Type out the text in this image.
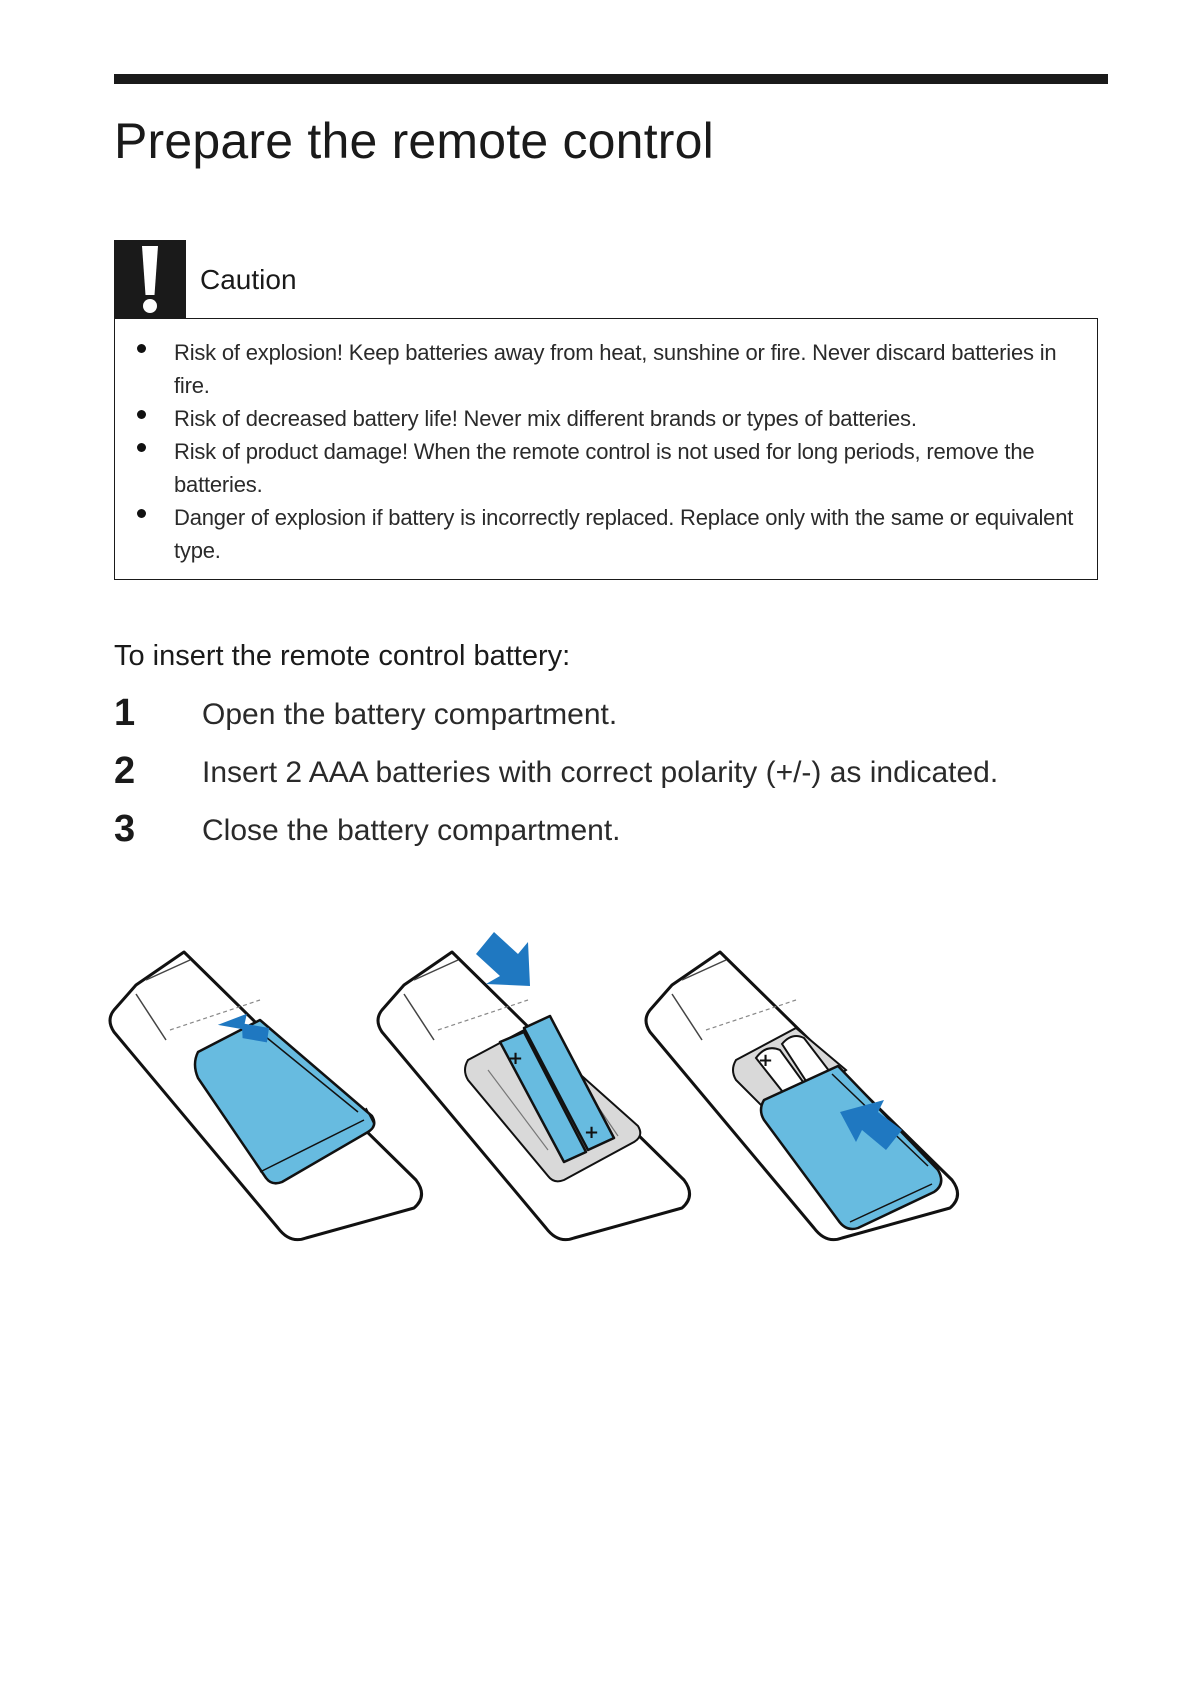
Prepare the remote control
Caution
Risk of explosion! Keep batteries away from heat, sunshine or fire. Never discard batteries in fire.
Risk of decreased battery life! Never mix different brands or types of batteries.
Risk of product damage! When the remote control is not used for long periods, remove the batteries.
Danger of explosion if battery is incorrectly replaced. Replace only with the same or equivalent type.
To insert the remote control battery:
1 Open the battery compartment.
2 Insert 2 AAA batteries with correct polarity (+/-) as indicated.
3 Close the battery compartment.
+
+
+
